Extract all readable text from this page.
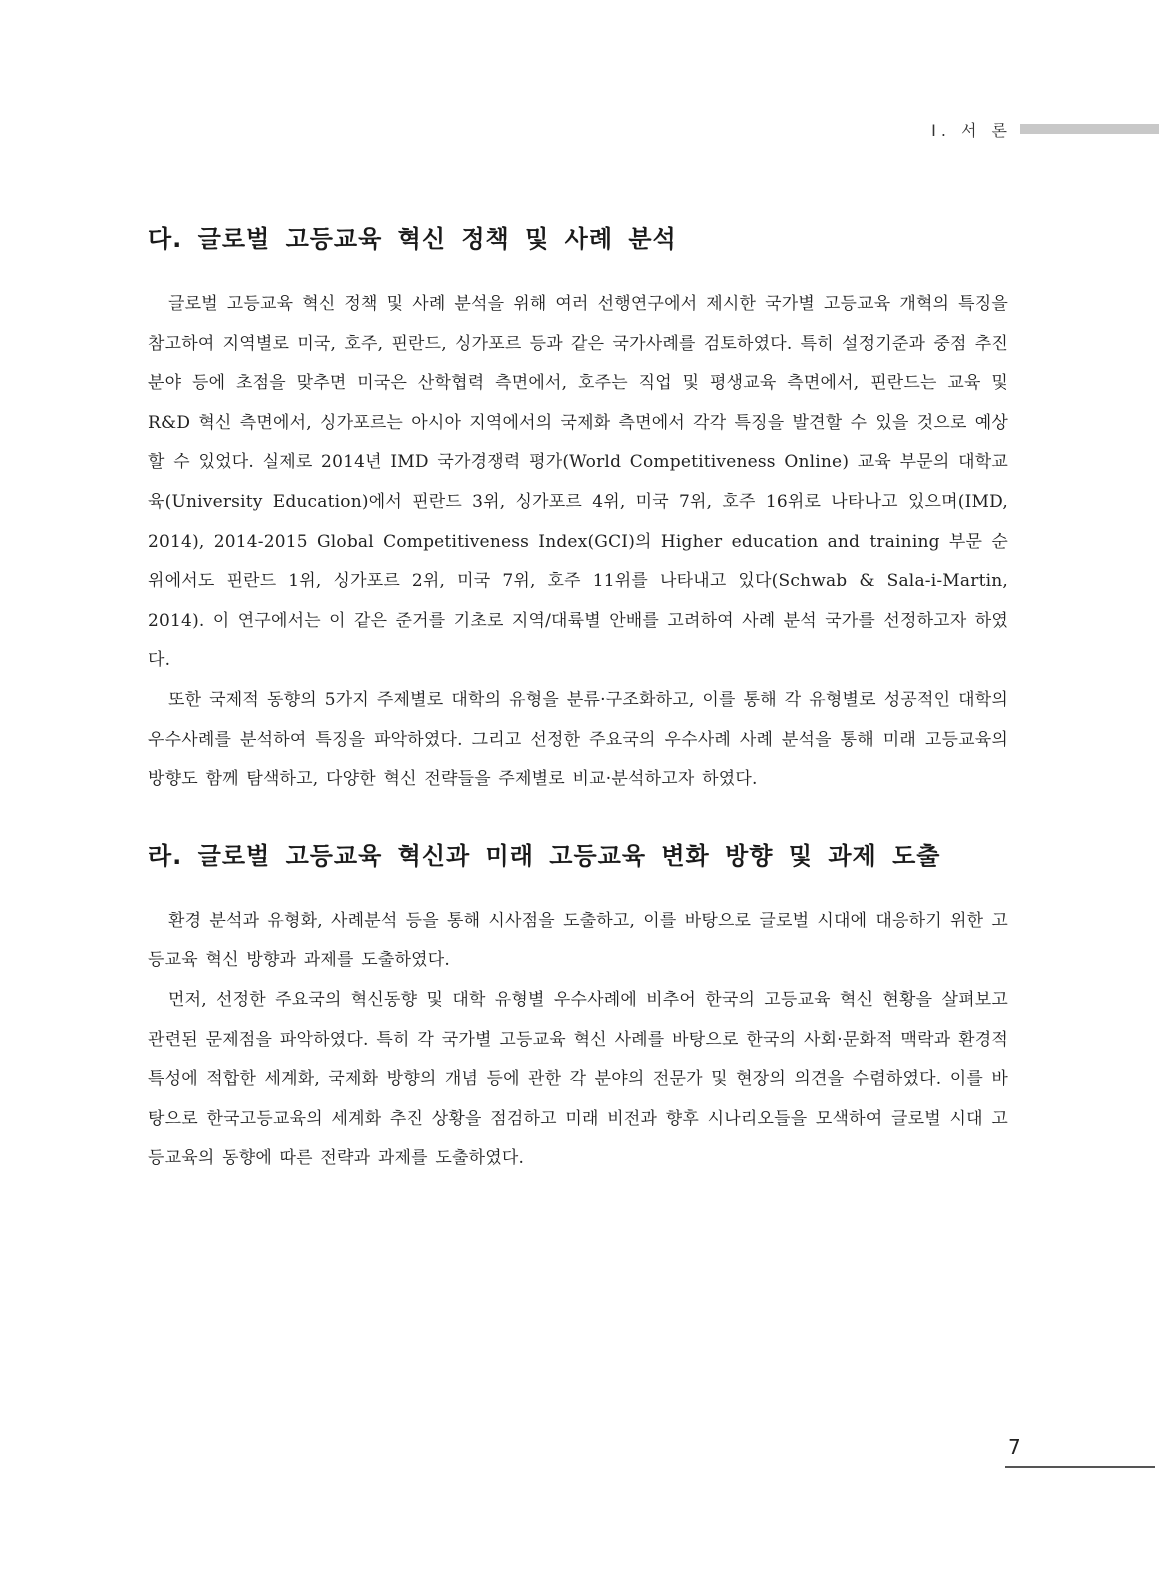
Ⅰ. 서 론
다. 글로벌 고등교육 혁신 정책 및 사례 분석

글로벌 고등교육 혁신 정책 및 사례 분석을 위해 여러 선행연구에서 제시한 국가별 고등교육 개혁의 특징을 참고하여 지역별로 미국, 호주, 핀란드, 싱가포르 등과 같은 국가사례를 검토하였다. 특히 설정기준과 중점 추진분야 등에 초점을 맞추면 미국은 산학협력 측면에서, 호주는 직업 및 평생교육 측면에서, 핀란드는 교육 및 R&D 혁신 측면에서, 싱가포르는 아시아 지역에서의 국제화 측면에서 각각 특징을 발견할 수 있을 것으로 예상할 수 있었다. 실제로 2014년 IMD 국가경쟁력 평가(World Competitiveness Online) 교육 부문의 대학교육(University Education)에서 핀란드 3위, 싱가포르 4위, 미국 7위, 호주 16위로 나타나고 있으며(IMD, 2014), 2014-2015 Global Competitiveness Index(GCI)의 Higher education and training 부문 순위에서도 핀란드 1위, 싱가포르 2위, 미국 7위, 호주 11위를 나타내고 있다(Schwab & Sala-i-Martin, 2014). 이 연구에서는 이 같은 준거를 기초로 지역/대륙별 안배를 고려하여 사례 분석 국가를 선정하고자 하였다.

또한 국제적 동향의 5가지 주제별로 대학의 유형을 분류·구조화하고, 이를 통해 각 유형별로 성공적인 대학의 우수사례를 분석하여 특징을 파악하였다. 그리고 선정한 주요국의 우수사례 사례 분석을 통해 미래 고등교육의 방향도 함께 탐색하고, 다양한 혁신 전략들을 주제별로 비교·분석하고자 하였다.

라. 글로벌 고등교육 혁신과 미래 고등교육 변화 방향 및 과제 도출

환경 분석과 유형화, 사례분석 등을 통해 시사점을 도출하고, 이를 바탕으로 글로벌 시대에 대응하기 위한 고등교육 혁신 방향과 과제를 도출하였다.

먼저, 선정한 주요국의 혁신동향 및 대학 유형별 우수사례에 비추어 한국의 고등교육 혁신 현황을 살펴보고 관련된 문제점을 파악하였다. 특히 각 국가별 고등교육 혁신 사례를 바탕으로 한국의 사회·문화적 맥락과 환경적 특성에 적합한 세계화, 국제화 방향의 개념 등에 관한 각 분야의 전문가 및 현장의 의견을 수렴하였다. 이를 바탕으로 한국고등교육의 세계화 추진 상황을 점검하고 미래 비전과 향후 시나리오들을 모색하여 글로벌 시대 고등교육의 동향에 따른 전략과 과제를 도출하였다.

7
